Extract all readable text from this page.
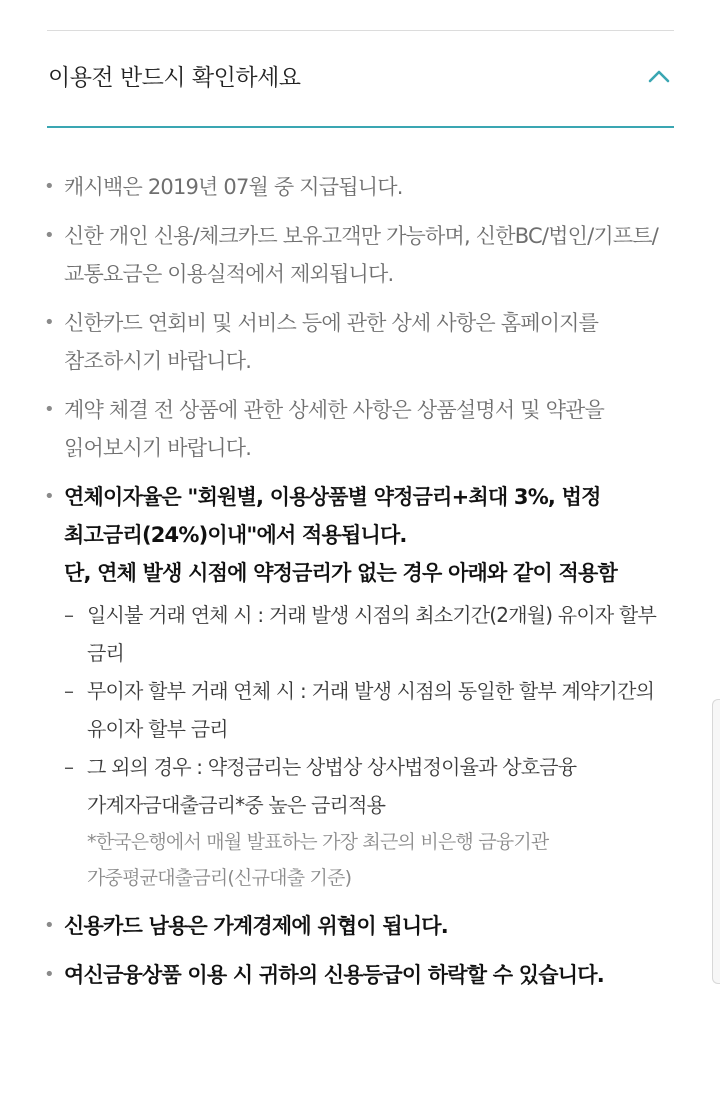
이용전 반드시 확인하세요
• 캐시백은 2019년 07월 중 지급됩니다.
• 신한 개인 신용/체크카드 보유고객만 가능하며, 신한BC/법인/기프트/교통요금은 이용실적에서 제외됩니다.
• 신한카드 연회비 및 서비스 등에 관한 상세 사항은 홈페이지를 참조하시기 바랍니다.
• 계약 체결 전 상품에 관한 상세한 사항은 상품설명서 및 약관을 읽어보시기 바랍니다.
• 연체이자율은 "회원별, 이용상품별 약정금리+최대 3%, 법정 최고금리(24%)이내"에서 적용됩니다.
단, 연체 발생 시점에 약정금리가 없는 경우 아래와 같이 적용함
– 일시불 거래 연체 시 : 거래 발생 시점의 최소기간(2개월) 유이자 할부 금리
– 무이자 할부 거래 연체 시 : 거래 발생 시점의 동일한 할부 계약기간의 유이자 할부 금리
– 그 외의 경우 : 약정금리는 상법상 상사법정이율과 상호금융 가계자금대출금리*중 높은 금리적용
*한국은행에서 매월 발표하는 가장 최근의 비은행 금융기관 가중평균대출금리(신규대출 기준)
• 신용카드 남용은 가계경제에 위협이 됩니다.
• 여신금융상품 이용 시 귀하의 신용등급이 하락할 수 있습니다.
